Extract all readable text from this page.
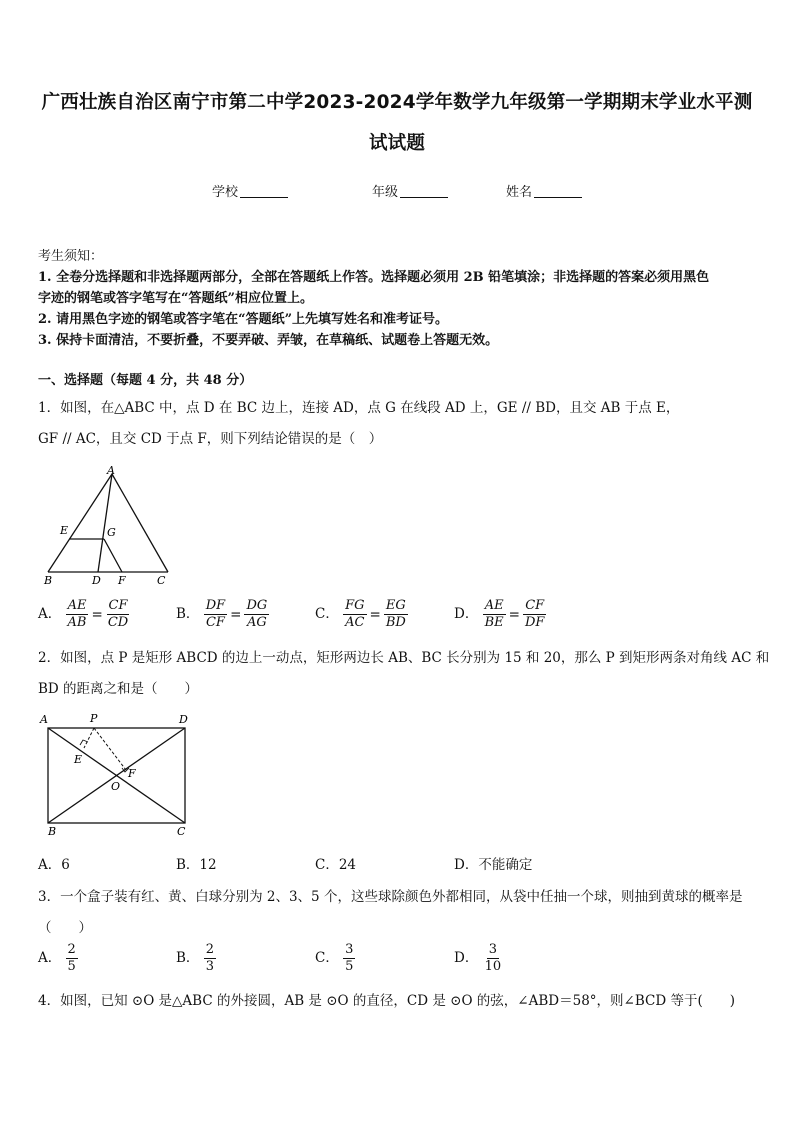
广西壮族自治区南宁市第二中学2023-2024学年数学九年级第一学期期末学业水平测
试试题
学校	年级	姓名
考生须知：
1. 全卷分选择题和非选择题两部分，全部在答题纸上作答。选择题必须用 2B 铅笔填涂；非选择题的答案必须用黑色
字迹的钢笔或答字笔写在“答题纸”相应位置上。
2. 请用黑色字迹的钢笔或答字笔在“答题纸”上先填写姓名和准考证号。
3. 保持卡面清洁，不要折叠，不要弄破、弄皱，在草稿纸、试题卷上答题无效。
一、选择题（每题 4 分，共 48 分）
1．如图，在△ABC 中，点 D 在 BC 边上，连接 AD，点 G 在线段 AD 上，GE // BD，且交 AB 于点 E，
GF // AC，且交 CD 于点 F，则下列结论错误的是（　）
A
E	G
B	D F	C
A． $\frac{AE}{AB} = \frac{CF}{CD}$	B． $\frac{DF}{CF} = \frac{DG}{AG}$	C． $\frac{FG}{AC} = \frac{EG}{BD}$	D． $\frac{AE}{BE} = \frac{CF}{DF}$
2．如图，点 P 是矩形 ABCD 的边上一动点，矩形两边长 AB、BC 长分别为 15 和 20，那么 P 到矩形两条对角线 AC 和
BD 的距离之和是（　　）
A	P	D
E
F
O
B	C
A．6	B．12	C．24	D．不能确定
3．一个盒子装有红、黄、白球分别为 2、3、5 个，这些球除颜色外都相同，从袋中任抽一个球，则抽到黄球的概率是
（　　）
A． $\frac{2}{5}$	B． $\frac{2}{3}$	C． $\frac{3}{5}$	D． $\frac{3}{10}$
4．如图，已知 ⊙O 是△ABC 的外接圆，AB 是 ⊙O 的直径，CD 是 ⊙O 的弦，∠ABD＝58°，则∠BCD 等于(　　)
